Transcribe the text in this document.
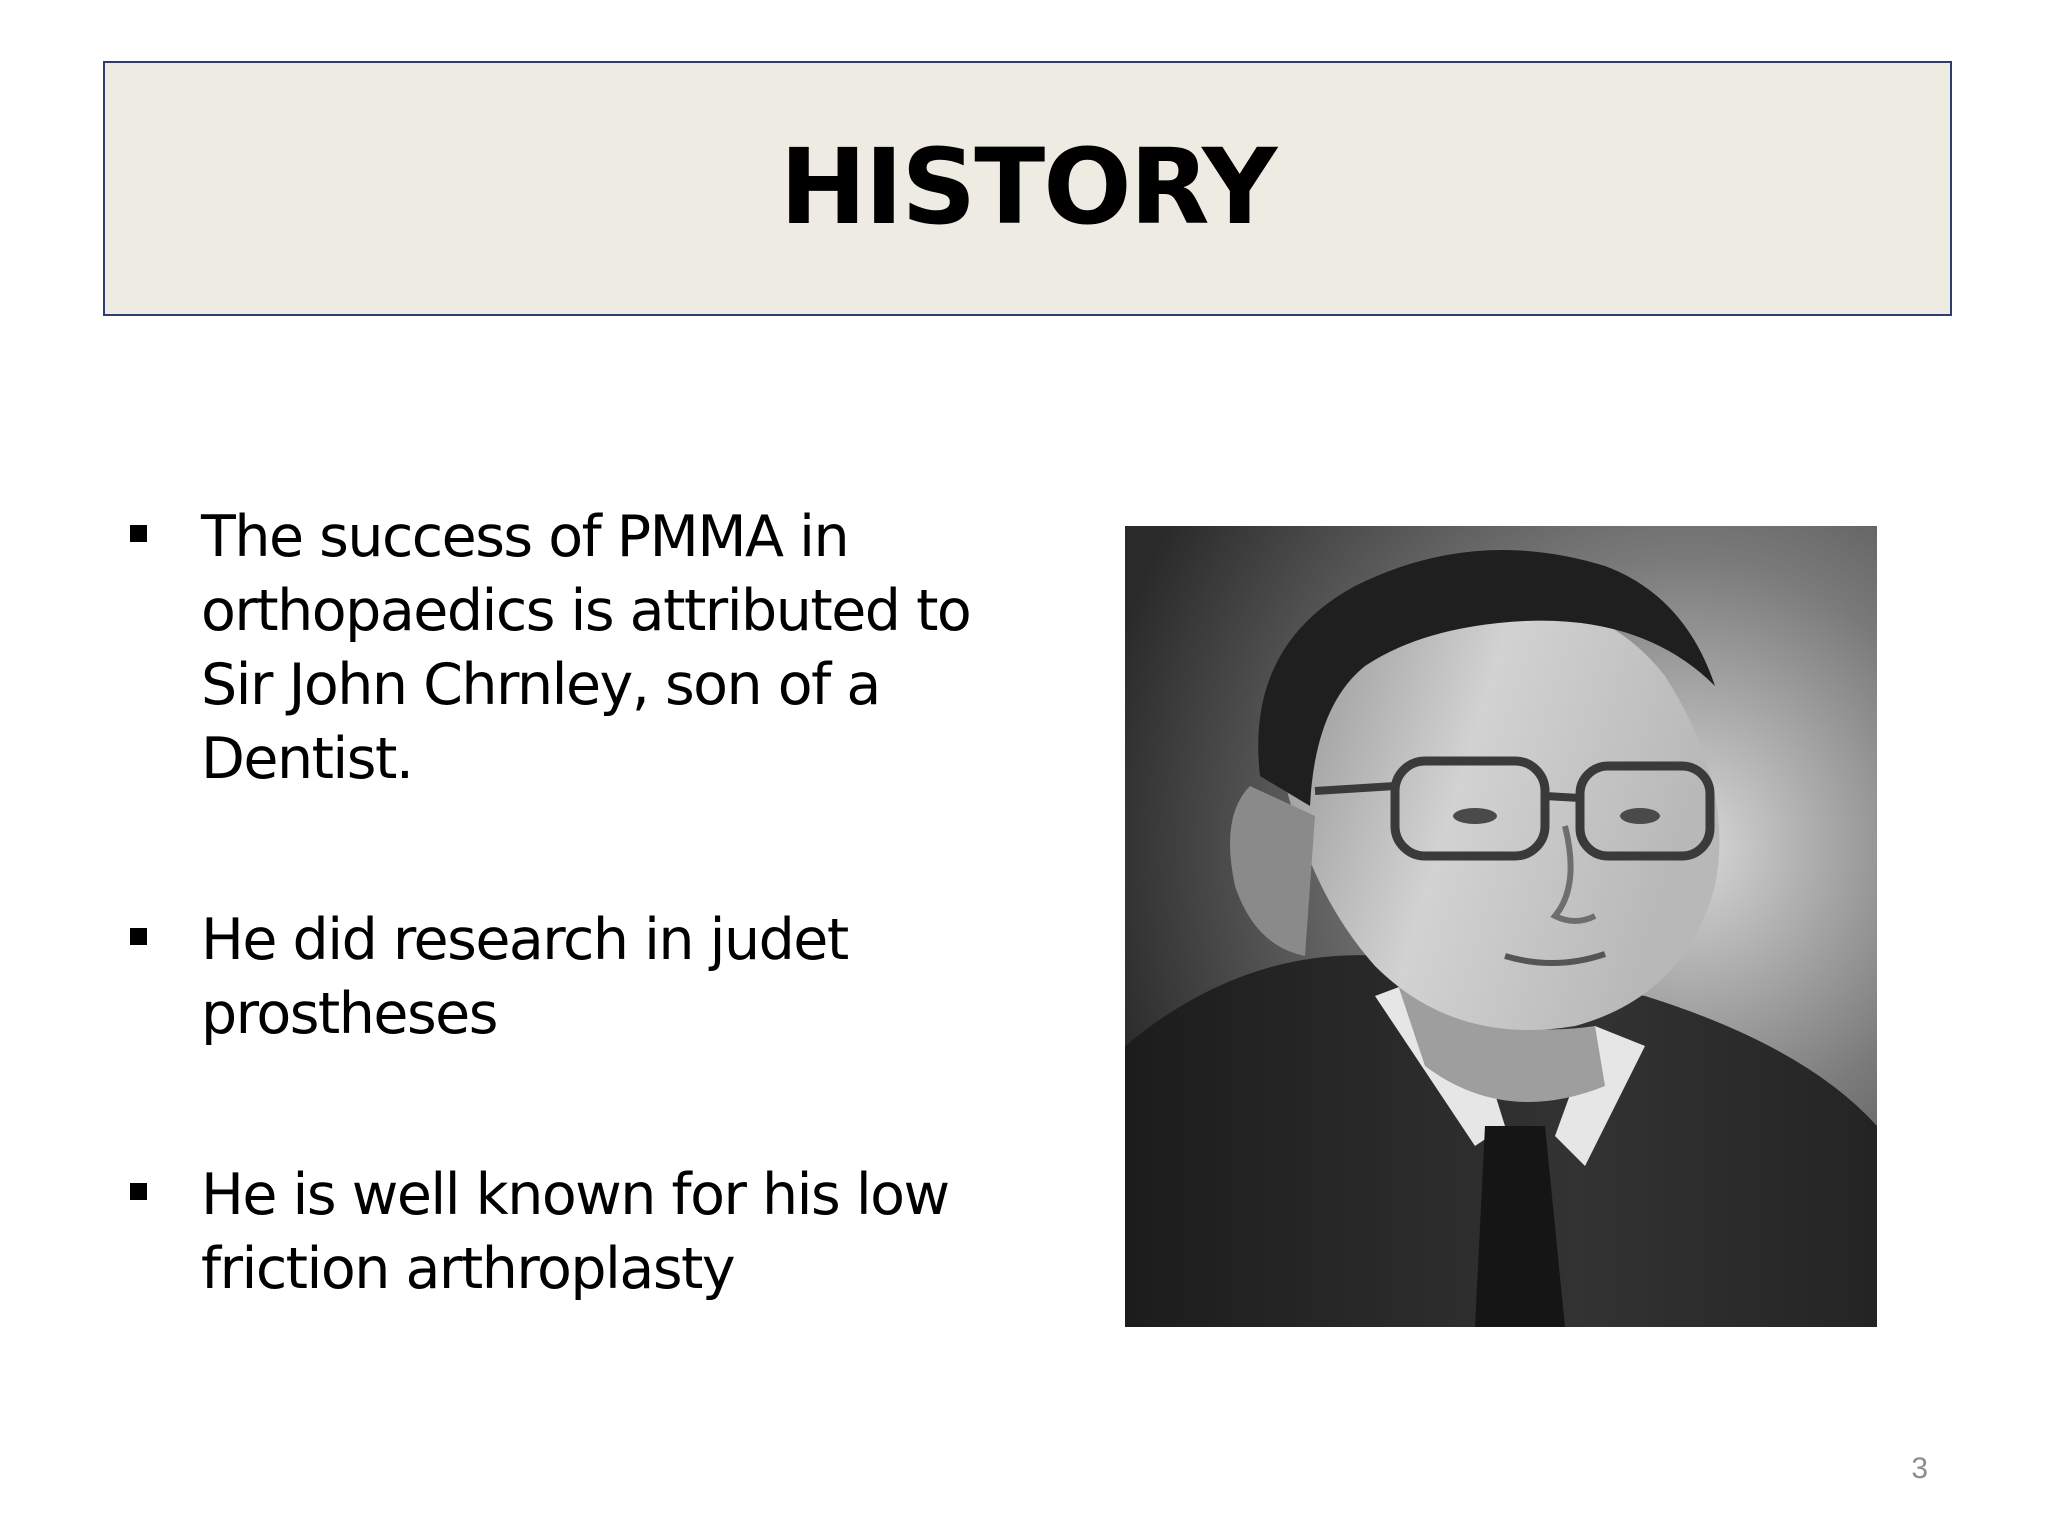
HISTORY
The success of PMMA in orthopaedics is attributed to Sir John Chrnley, son of a Dentist.
He did research in judet prostheses
He is well known for his low friction arthroplasty
3
